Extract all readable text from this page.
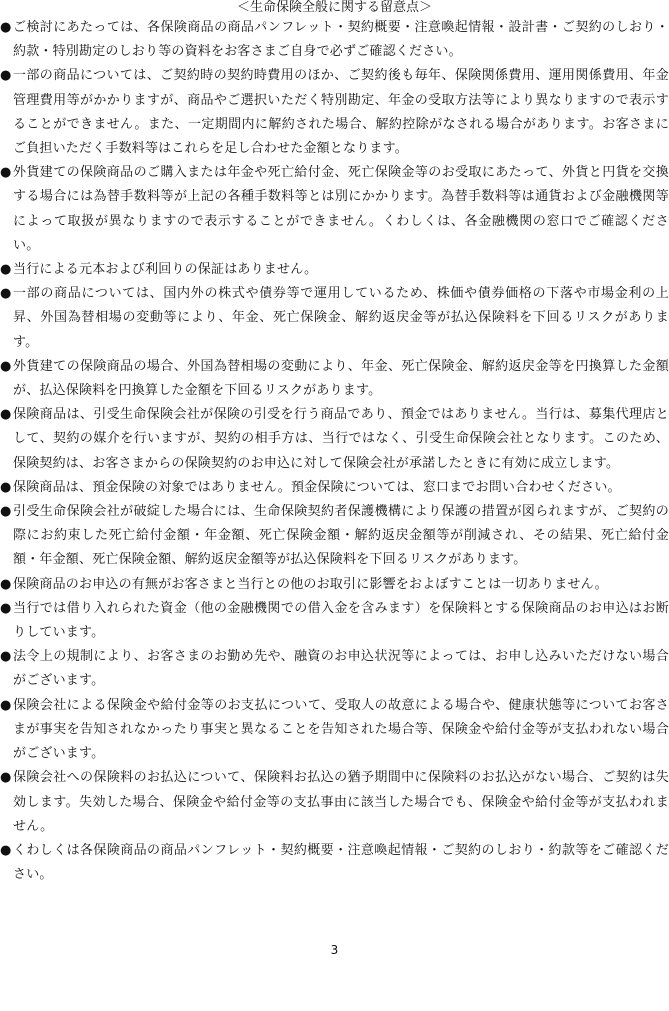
＜生命保険全般に関する留意点＞
● ご検討にあたっては、各保険商品の商品パンフレット・契約概要・注意喚起情報・設計書・ご契約のしおり・約款・特別勘定のしおり等の資料をお客さまご自身で必ずご確認ください。
● 一部の商品については、ご契約時の契約時費用のほか、ご契約後も毎年、保険関係費用、運用関係費用、年金管理費用等がかかりますが、商品やご選択いただく特別勘定、年金の受取方法等により異なりますので表示することができません。また、一定期間内に解約された場合、解約控除がなされる場合があります。お客さまにご負担いただく手数料等はこれらを足し合わせた金額となります。
● 外貨建ての保険商品のご購入または年金や死亡給付金、死亡保険金等のお受取にあたって、外貨と円貨を交換する場合には為替手数料等が上記の各種手数料等とは別にかかります。為替手数料等は通貨および金融機関等によって取扱が異なりますので表示することができません。くわしくは、各金融機関の窓口でご確認ください。
● 当行による元本および利回りの保証はありません。
● 一部の商品については、国内外の株式や債券等で運用しているため、株価や債券価格の下落や市場金利の上昇、外国為替相場の変動等により、年金、死亡保険金、解約返戻金等が払込保険料を下回るリスクがあります。
● 外貨建ての保険商品の場合、外国為替相場の変動により、年金、死亡保険金、解約返戻金等を円換算した金額が、払込保険料を円換算した金額を下回るリスクがあります。
● 保険商品は、引受生命保険会社が保険の引受を行う商品であり、預金ではありません。当行は、募集代理店として、契約の媒介を行いますが、契約の相手方は、当行ではなく、引受生命保険会社となります。このため、保険契約は、お客さまからの保険契約のお申込に対して保険会社が承諾したときに有効に成立します。
● 保険商品は、預金保険の対象ではありません。預金保険については、窓口までお問い合わせください。
● 引受生命保険会社が破綻した場合には、生命保険契約者保護機構により保護の措置が図られますが、ご契約の際にお約束した死亡給付金額・年金額、死亡保険金額・解約返戻金額等が削減され、その結果、死亡給付金額・年金額、死亡保険金額、解約返戻金額等が払込保険料を下回るリスクがあります。
● 保険商品のお申込の有無がお客さまと当行との他のお取引に影響をおよぼすことは一切ありません。
● 当行では借り入れられた資金（他の金融機関での借入金を含みます）を保険料とする保険商品のお申込はお断りしています。
● 法令上の規制により、お客さまのお勤め先や、融資のお申込状況等によっては、お申し込みいただけない場合がございます。
● 保険会社による保険金や給付金等のお支払について、受取人の故意による場合や、健康状態等についてお客さまが事実を告知されなかったり事実と異なることを告知された場合等、保険金や給付金等が支払われない場合がございます。
● 保険会社への保険料のお払込について、保険料お払込の猶予期間中に保険料のお払込がない場合、ご契約は失効します。失効した場合、保険金や給付金等の支払事由に該当した場合でも、保険金や給付金等が支払われません。
● くわしくは各保険商品の商品パンフレット・契約概要・注意喚起情報・ご契約のしおり・約款等をご確認ください。
3
